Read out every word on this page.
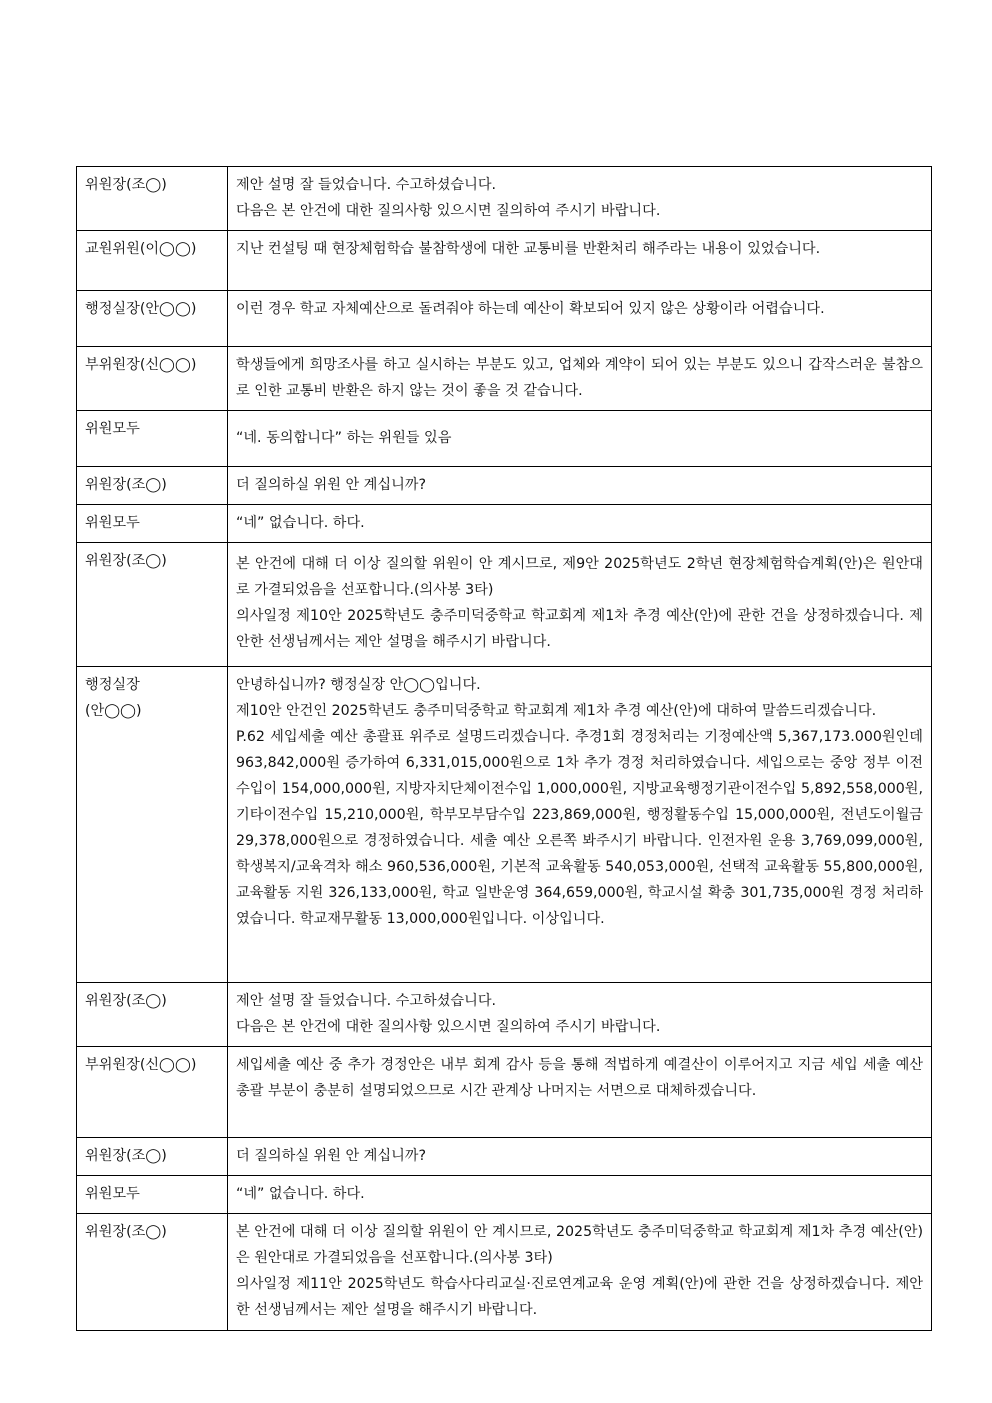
위원장(조◯)	제안 설명 잘 들었습니다. 수고하셨습니다.
다음은 본 안건에 대한 질의사항 있으시면 질의하여 주시기 바랍니다.

교원위원(이◯◯)	지난 컨설팅 때 현장체험학습 불참학생에 대한 교통비를 반환처리 해주라는 내용이 있었습니다.

행정실장(안◯◯)	이런 경우 학교 자체예산으로 돌려줘야 하는데 예산이 확보되어 있지 않은 상황이라 어렵습니다.

부위원장(신◯◯)	학생들에게 희망조사를 하고 실시하는 부분도 있고, 업체와 계약이 되어 있는 부분도 있으니 갑작스러운 불참으로 인한 교통비 반환은 하지 않는 것이 좋을 것 같습니다.

위원모두	“네. 동의합니다” 하는 위원들 있음

위원장(조◯)	더 질의하실 위원 안 계십니까?

위원모두	“네” 없습니다. 하다.

위원장(조◯)	본 안건에 대해 더 이상 질의할 위원이 안 계시므로, 제9안 2025학년도 2학년 현장체험학습계획(안)은 원안대로 가결되었음을 선포합니다.(의사봉 3타)
의사일정 제10안 2025학년도 충주미덕중학교 학교회계 제1차 추경 예산(안)에 관한 건을 상정하겠습니다. 제안한 선생님께서는 제안 설명을 해주시기 바랍니다.

행정실장
(안◯◯)	안녕하십니까? 행정실장 안◯◯입니다.
제10안 안건인 2025학년도 충주미덕중학교 학교회계 제1차 추경 예산(안)에 대하여 말씀드리겠습니다.
P.62 세입세출 예산 총괄표 위주로 설명드리겠습니다. 추경1회 경정처리는 기정예산액 5,367,173.000원인데 963,842,000원 증가하여 6,331,015,000원으로 1차 추가 경정 처리하였습니다. 세입으로는 중앙 정부 이전 수입이 154,000,000원, 지방자치단체이전수입 1,000,000원, 지방교육행정기관이전수입 5,892,558,000원, 기타이전수입 15,210,000원, 학부모부담수입 223,869,000원, 행정활동수입 15,000,000원, 전년도이월금 29,378,000원으로 경정하였습니다. 세출 예산 오른쪽 봐주시기 바랍니다. 인전자원 운용 3,769,099,000원, 학생복지/교육격차 해소 960,536,000원, 기본적 교육활동 540,053,000원, 선택적 교육활동 55,800,000원, 교육활동 지원 326,133,000원, 학교 일반운영 364,659,000원, 학교시설 확충 301,735,000원 경정 처리하였습니다. 학교재무활동 13,000,000원입니다. 이상입니다.

위원장(조◯)	제안 설명 잘 들었습니다. 수고하셨습니다.
다음은 본 안건에 대한 질의사항 있으시면 질의하여 주시기 바랍니다.

부위원장(신◯◯)	세입세출 예산 중 추가 경정안은 내부 회계 감사 등을 통해 적법하게 예결산이 이루어지고 지금 세입 세출 예산 총괄 부분이 충분히 설명되었으므로 시간 관계상 나머지는 서면으로 대체하겠습니다.

위원장(조◯)	더 질의하실 위원 안 계십니까?

위원모두	“네” 없습니다. 하다.

위원장(조◯)	본 안건에 대해 더 이상 질의할 위원이 안 계시므로, 2025학년도 충주미덕중학교 학교회계 제1차 추경 예산(안)은 원안대로 가결되었음을 선포합니다.(의사봉 3타)
의사일정 제11안 2025학년도 학습사다리교실·진로연계교육 운영 계획(안)에 관한 건을 상정하겠습니다. 제안한 선생님께서는 제안 설명을 해주시기 바랍니다.
